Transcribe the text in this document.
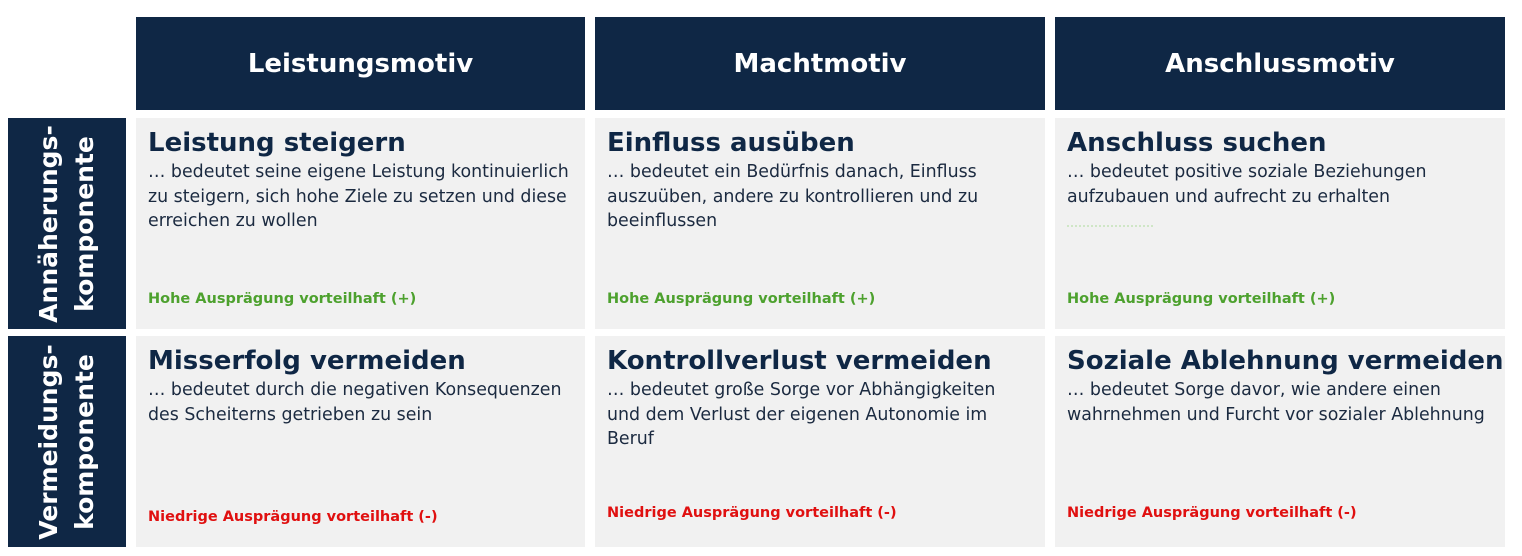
Leistungsmotiv	Machtmotiv	Anschlussmotiv
Annäherungs- komponente
Vermeidungs- komponente
Leistung steigern
… bedeutet seine eigene Leistung kontinuierlich zu steigern, sich hohe Ziele zu setzen und diese erreichen zu wollen
Hohe Ausprägung vorteilhaft (+)
Einfluss ausüben
… bedeutet ein Bedürfnis danach, Einfluss auszuüben, andere zu kontrollieren und zu beeinflussen
Hohe Ausprägung vorteilhaft (+)
Anschluss suchen
… bedeutet positive soziale Beziehungen aufzubauen und aufrecht zu erhalten
Hohe Ausprägung vorteilhaft (+)
Misserfolg vermeiden
… bedeutet durch die negativen Konsequenzen des Scheiterns getrieben zu sein
Niedrige Ausprägung vorteilhaft (-)
Kontrollverlust vermeiden
… bedeutet große Sorge vor Abhängigkeiten und dem Verlust der eigenen Autonomie im Beruf
Niedrige Ausprägung vorteilhaft (-)
Soziale Ablehnung vermeiden
… bedeutet Sorge davor, wie andere einen wahrnehmen und Furcht vor sozialer Ablehnung
Niedrige Ausprägung vorteilhaft (-)
